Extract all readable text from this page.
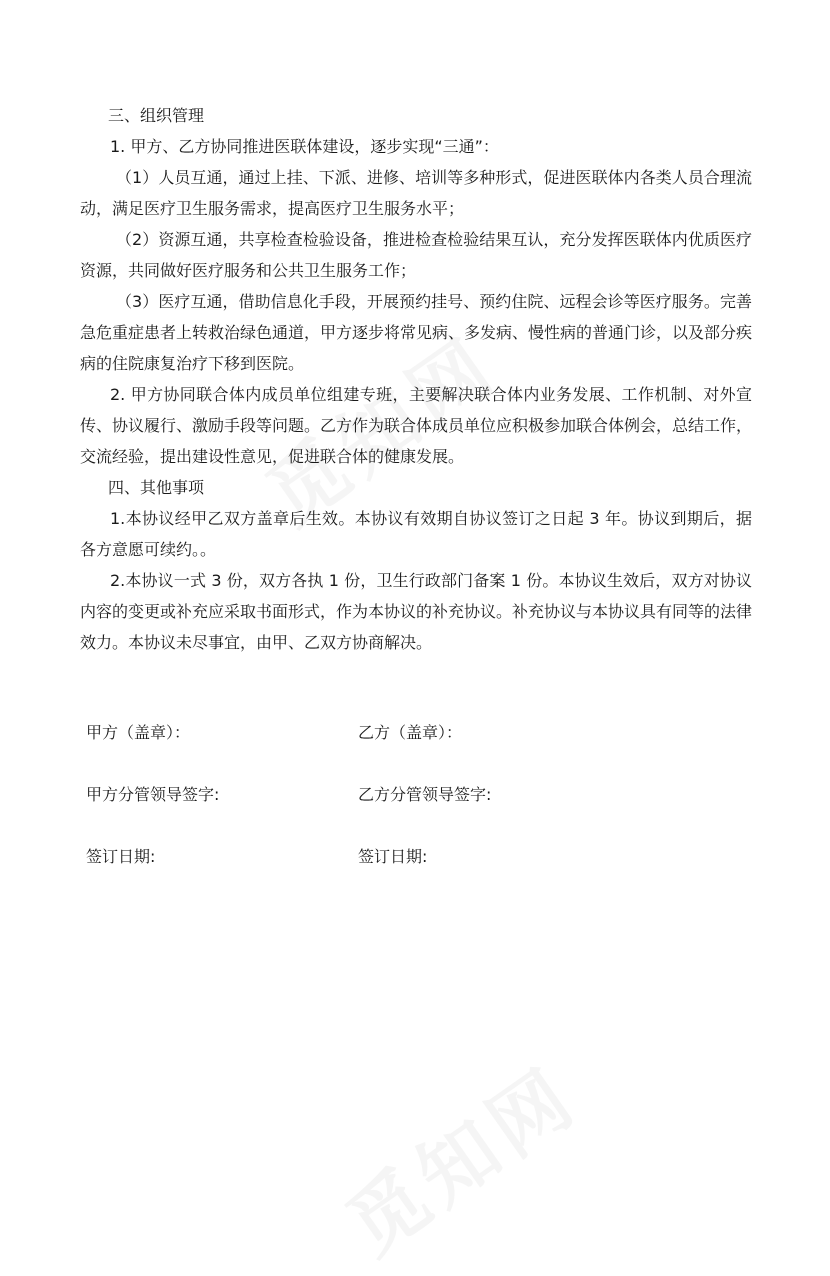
三、组织管理

1. 甲方、乙方协同推进医联体建设，逐步实现“三通”：

（1）人员互通，通过上挂、下派、进修、培训等多种形式，促进医联体内各类人员合理流动，满足医疗卫生服务需求，提高医疗卫生服务水平；

（2）资源互通，共享检查检验设备，推进检查检验结果互认，充分发挥医联体内优质医疗资源，共同做好医疗服务和公共卫生服务工作；

（3）医疗互通，借助信息化手段，开展预约挂号、预约住院、远程会诊等医疗服务。完善急危重症患者上转救治绿色通道，甲方逐步将常见病、多发病、慢性病的普通门诊，以及部分疾病的住院康复治疗下移到医院。

2. 甲方协同联合体内成员单位组建专班，主要解决联合体内业务发展、工作机制、对外宣传、协议履行、激励手段等问题。乙方作为联合体成员单位应积极参加联合体例会，总结工作，交流经验，提出建设性意见，促进联合体的健康发展。

四、其他事项

1.本协议经甲乙双方盖章后生效。本协议有效期自协议签订之日起 3 年。协议到期后，据各方意愿可续约。。

2.本协议一式 3 份，双方各执 1 份，卫生行政部门备案 1 份。本协议生效后，双方对协议内容的变更或补充应采取书面形式，作为本协议的补充协议。补充协议与本协议具有同等的法律效力。本协议未尽事宜，由甲、乙双方协商解决。

甲方（盖章）：	乙方（盖章）：
甲方分管领导签字:	乙方分管领导签字:
签订日期:	签订日期:
